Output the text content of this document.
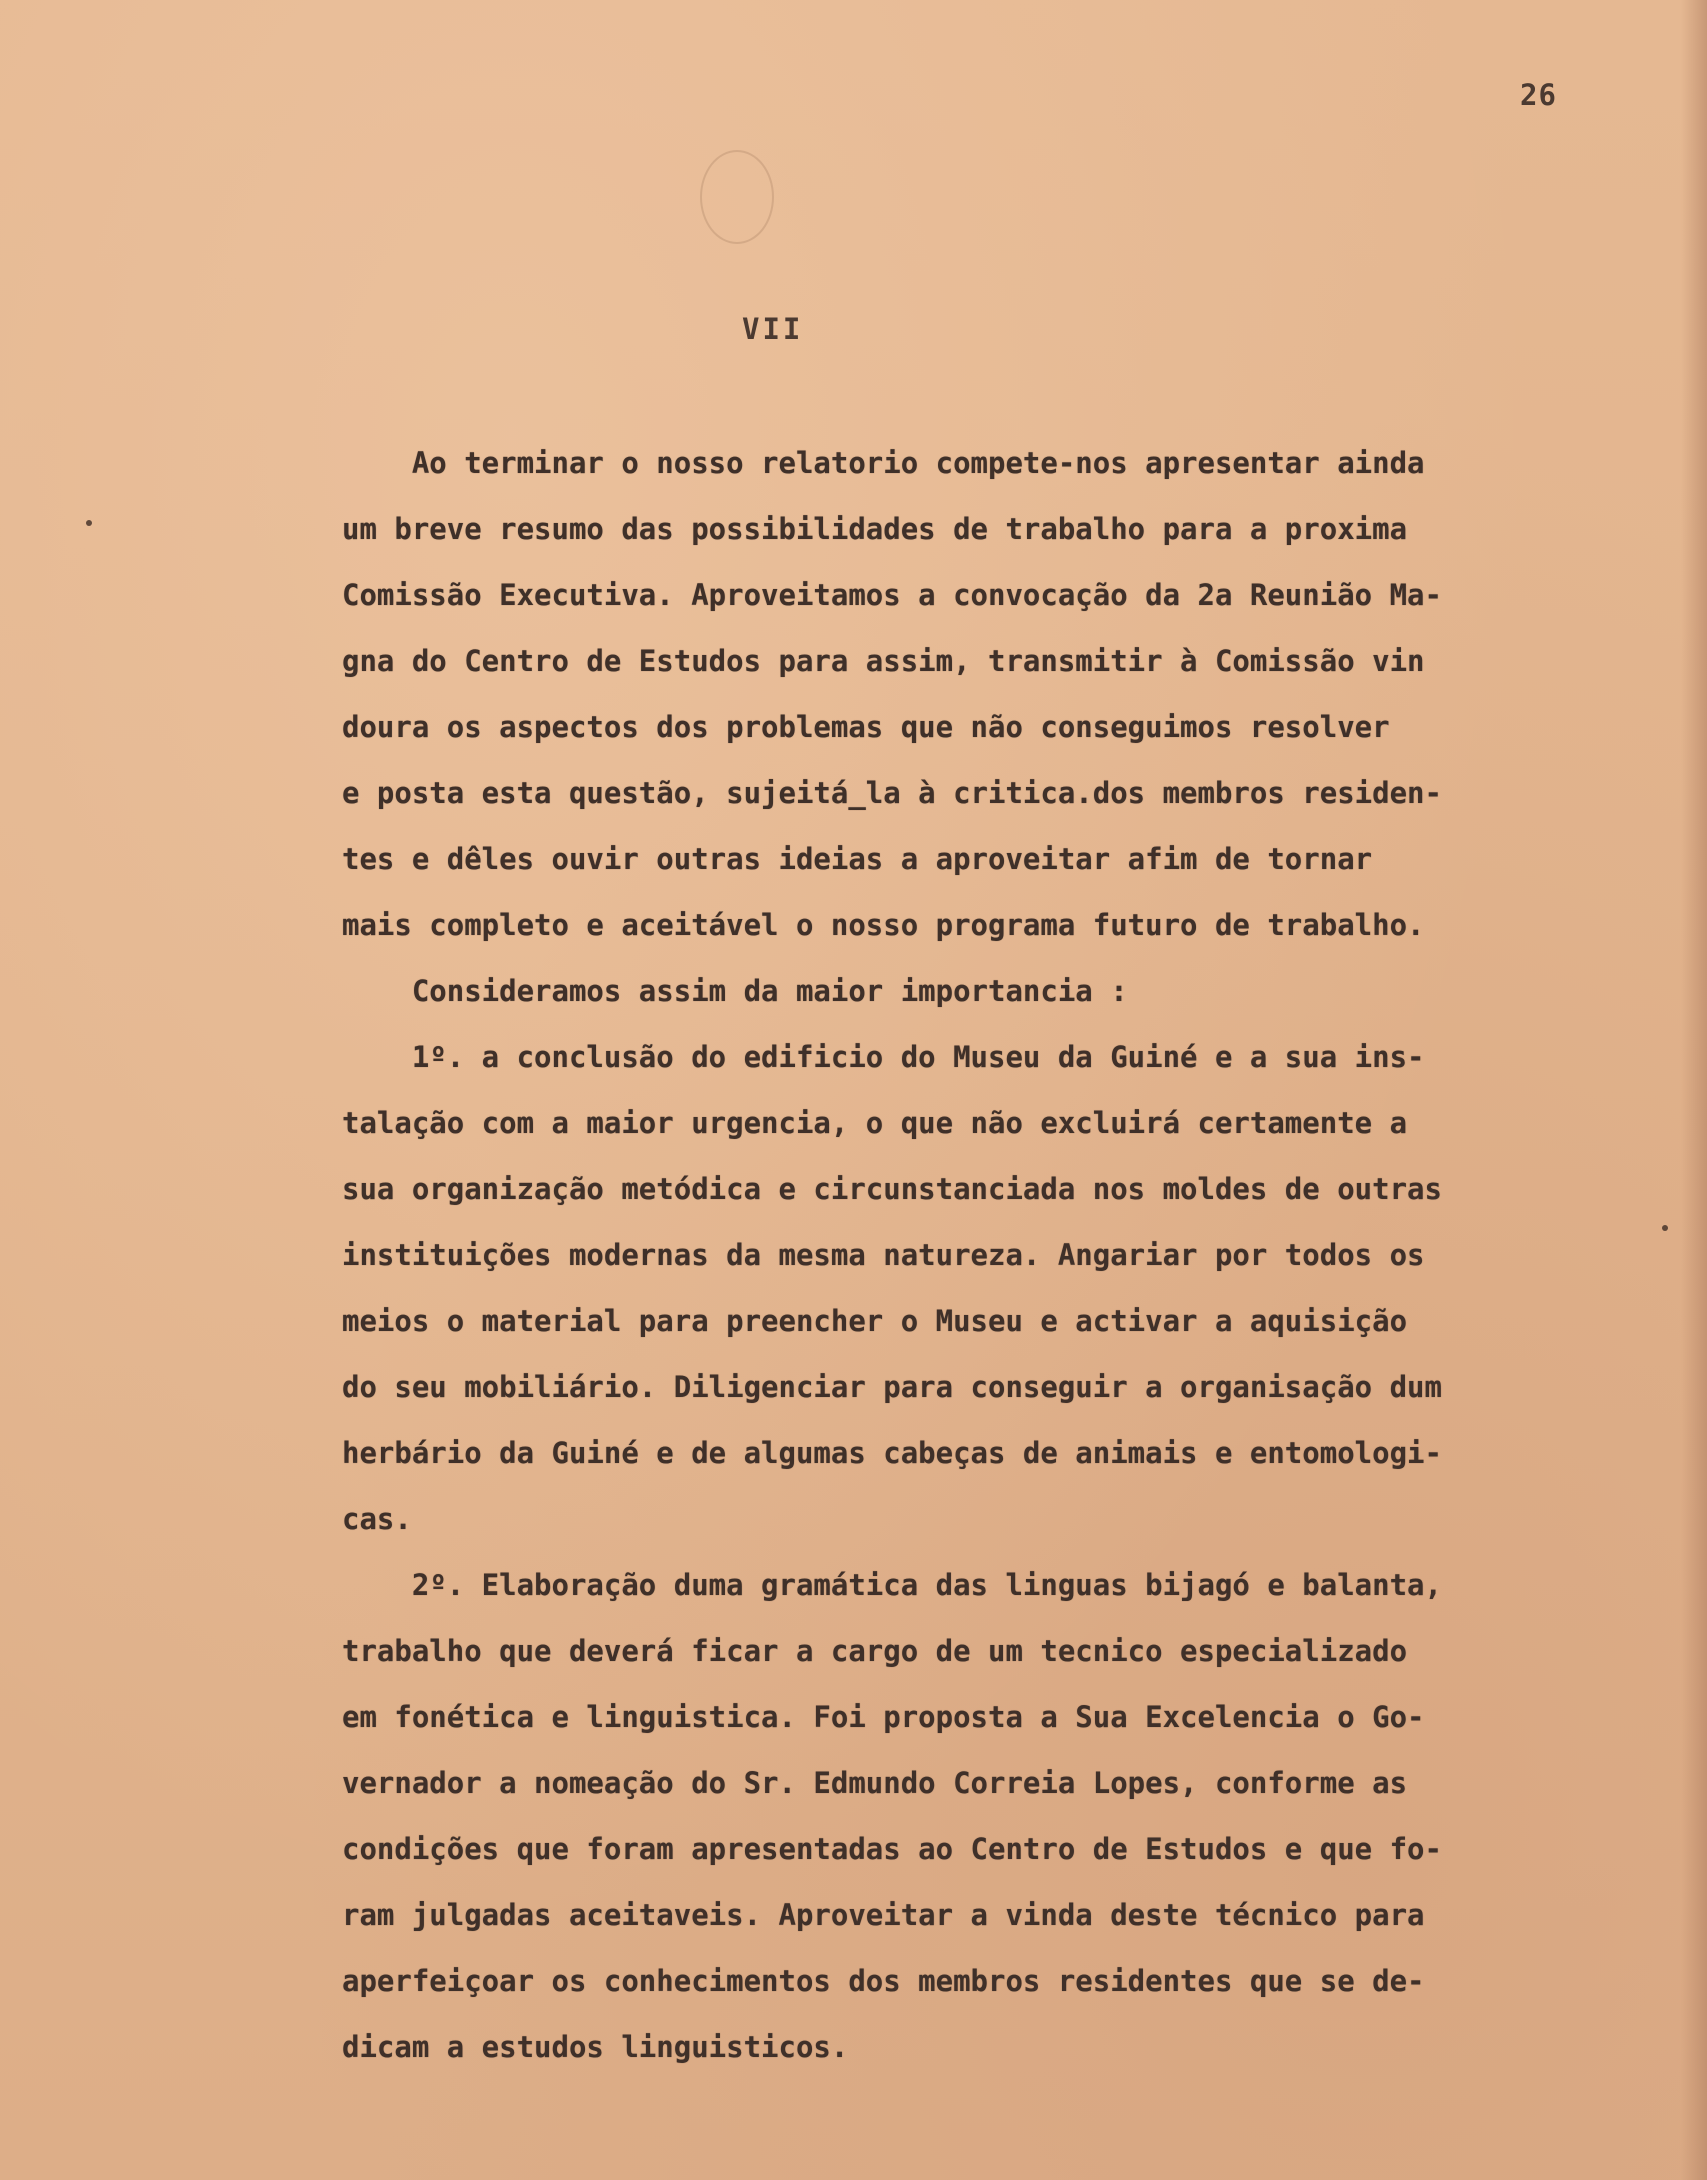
26
VII
Ao terminar o nosso relatorio compete-nos apresentar ainda
um breve resumo das possibilidades de trabalho para a proxima
Comissão Executiva. Aproveitamos a convocação da 2a Reunião Ma-
gna do Centro de Estudos para assim, transmitir à Comissão vin
doura os aspectos dos problemas que não conseguimos resolver
e posta esta questão, sujeitá_la à critica.dos membros residen-
tes e dêles ouvir outras ideias a aproveitar afim de tornar
mais completo e aceitável o nosso programa futuro de trabalho.
Consideramos assim da maior importancia :
1º. a conclusão do edificio do Museu da Guiné e a sua ins-
talação com a maior urgencia, o que não excluirá certamente a
sua organização metódica e circunstanciada nos moldes de outras
instituições modernas da mesma natureza. Angariar por todos os
meios o material para preencher o Museu e activar a aquisição
do seu mobiliário. Diligenciar para conseguir a organisação dum
herbário da Guiné e de algumas cabeças de animais e entomologi-
cas.
2º. Elaboração duma gramática das linguas bijagó e balanta,
trabalho que deverá ficar a cargo de um tecnico especializado
em fonética e linguistica. Foi proposta a Sua Excelencia o Go-
vernador a nomeação do Sr. Edmundo Correia Lopes, conforme as
condições que foram apresentadas ao Centro de Estudos e que fo-
ram julgadas aceitaveis. Aproveitar a vinda deste técnico para
aperfeiçoar os conhecimentos dos membros residentes que se de-
dicam a estudos linguisticos.
